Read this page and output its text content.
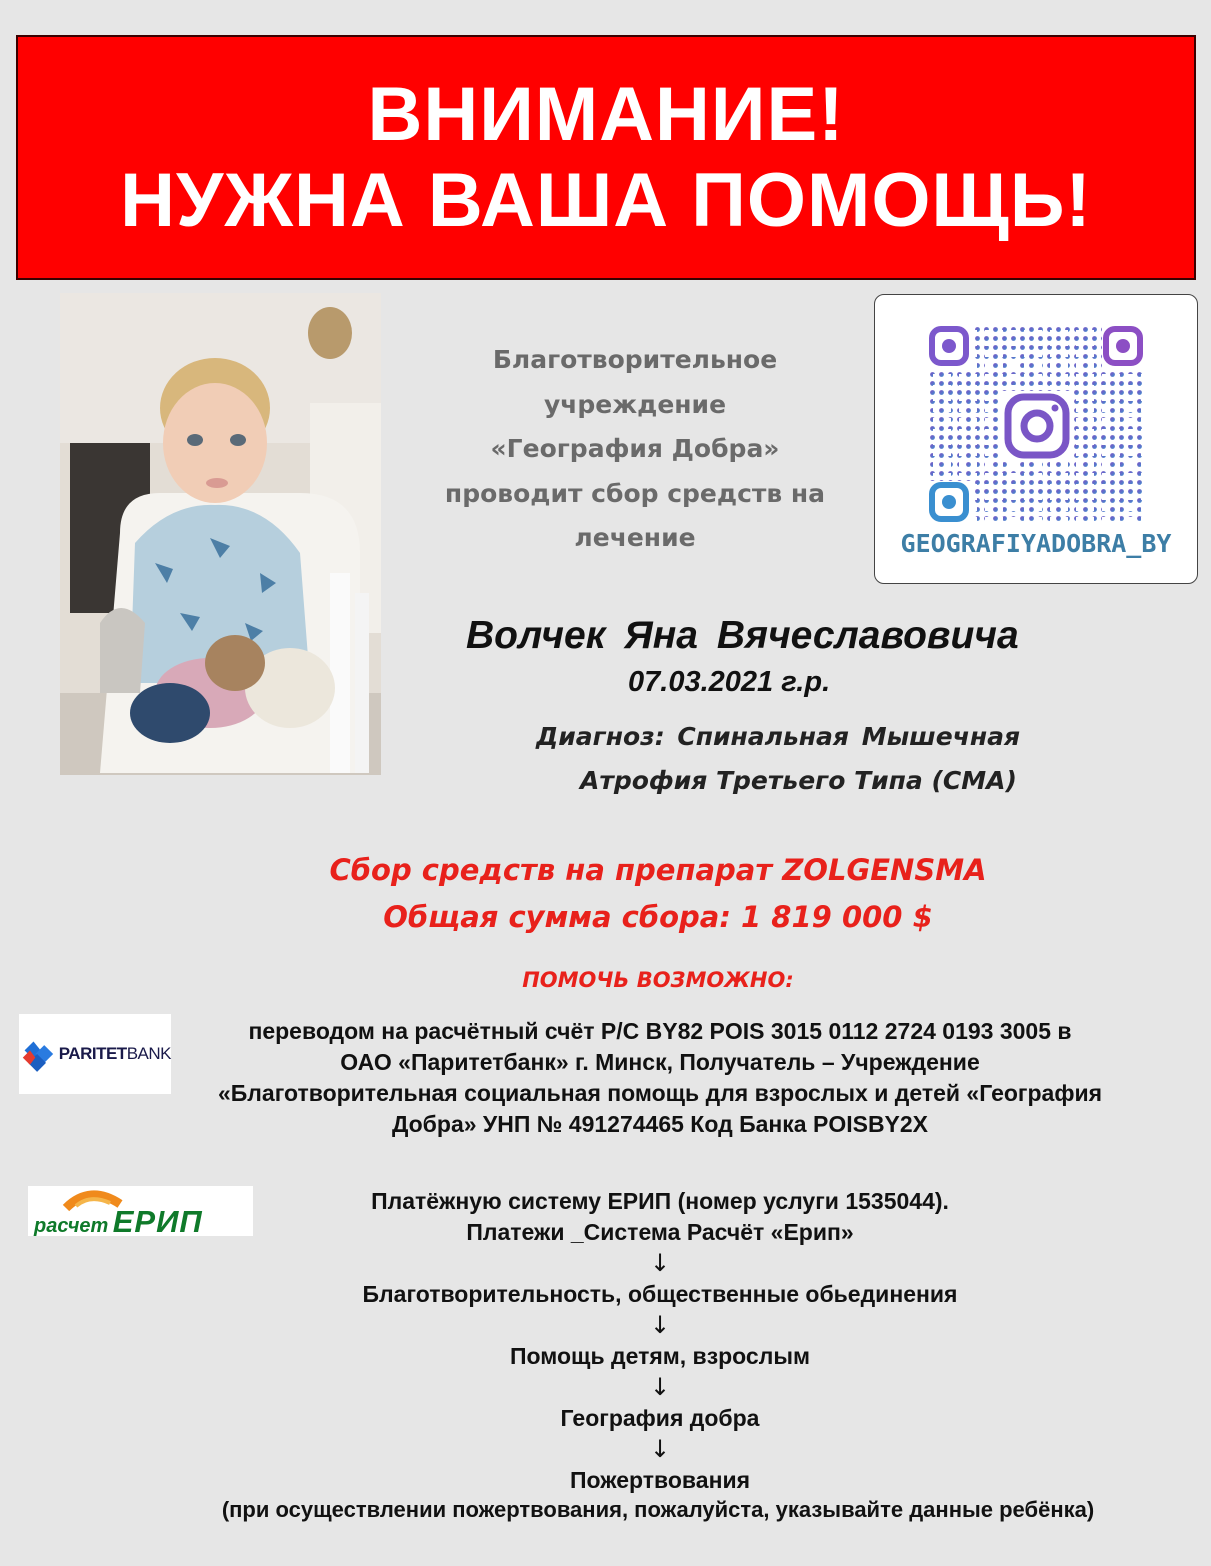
ВНИМАНИЕ!
НУЖНА ВАША ПОМОЩЬ!
Благотворительное
учреждение
«География Добра»
проводит сбор средств на
лечение	GEOGRAFIYADOBRA_BY
Волчек Яна Вячеславовича
07.03.2021 г.р.
Диагноз: Спинальная Мышечная
Атрофия Третьего Типа (СМА)
Сбор средств на препарат ZOLGENSMA
Общая сумма сбора: 1 819 000 $
ПОМОЧЬ ВОЗМОЖНО:
PARITETBANK
переводом на расчётный счёт Р/С BY82 POIS 3015 0112 2724 0193 3005 в
ОАО «Паритетбанк» г. Минск, Получатель – Учреждение
«Благотворительная социальная помощь для взрослых и детей «География
Добра» УНП № 491274465 Код Банка POISBY2X
расчет ЕРИП
Платёжную систему ЕРИП (номер услуги 1535044).
Платежи _Система Расчёт «Ерип»
↓
Благотворительность, общественные обьединения
↓
Помощь детям, взрослым
↓
География добра
↓
Пожертвования
(при осуществлении пожертвования, пожалуйста, указывайте данные ребёнка)
